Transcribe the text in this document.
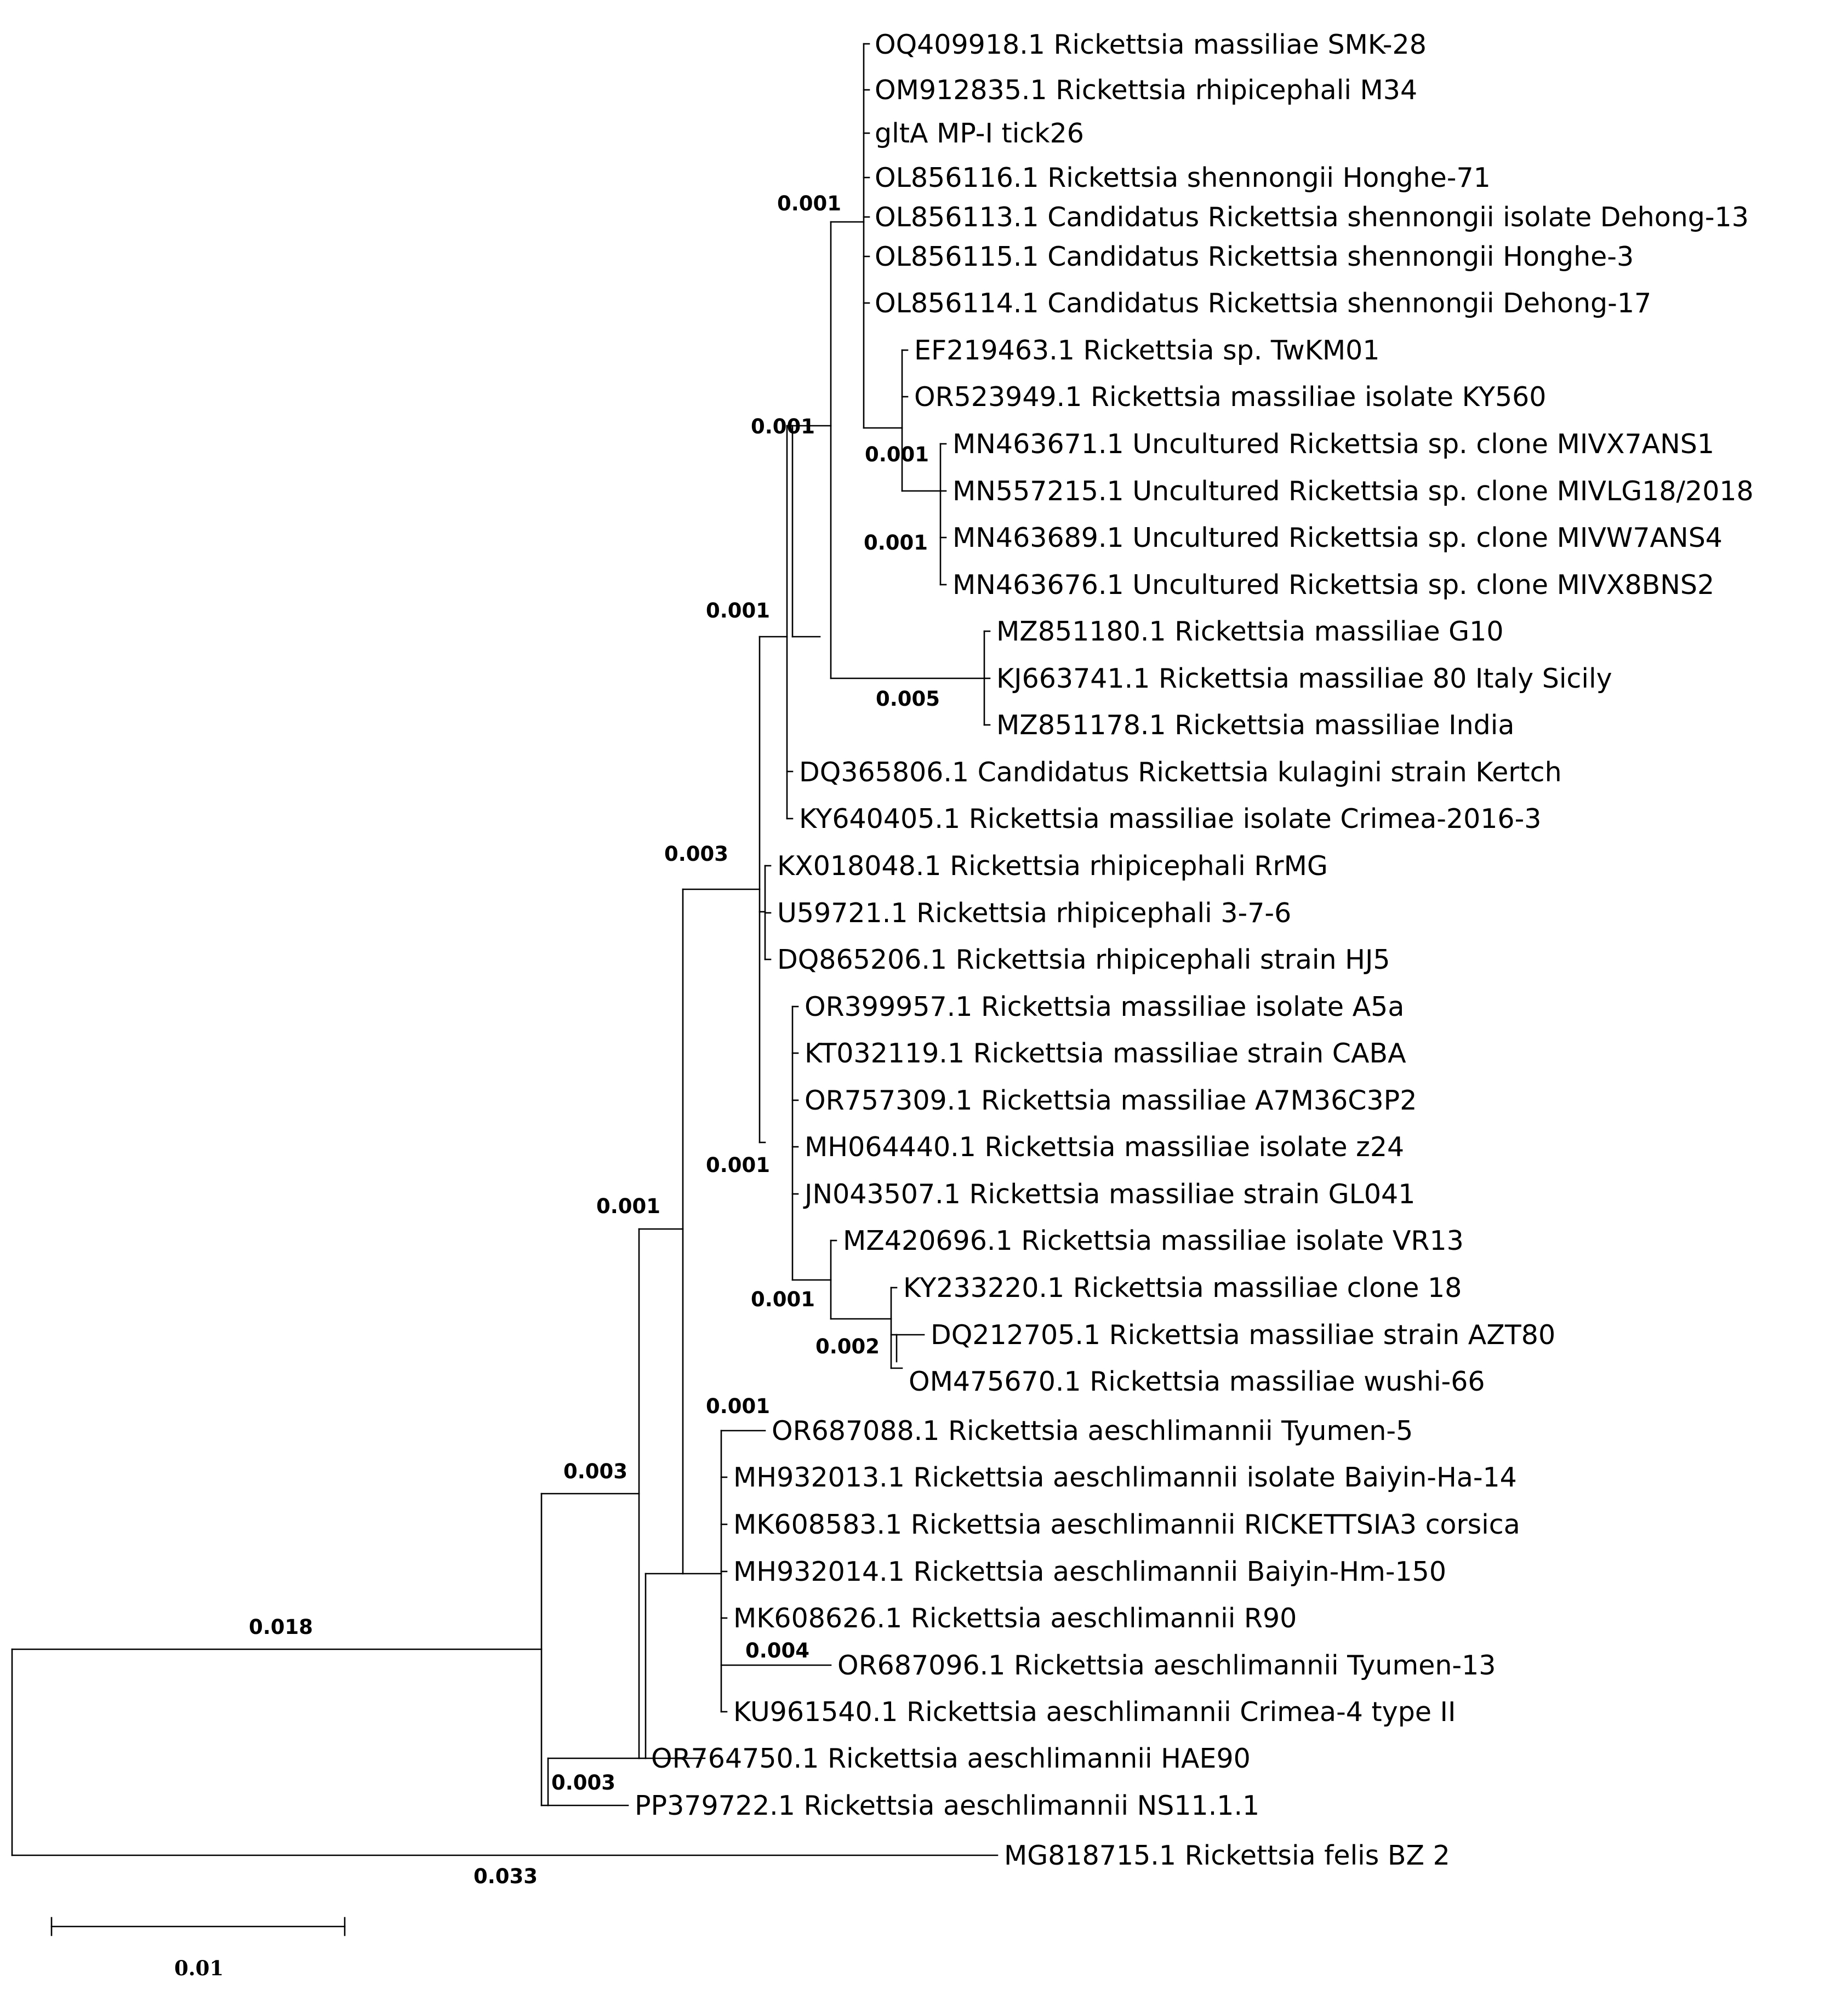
0.001
0.001
0.001
0.001
0.001
0.005
0.003
0.001
0.001
0.002
0.001
0.001
0.004
0.003
0.003
0.018
0.033
OQ409918.1 Rickettsia massiliae SMK-28
OM912835.1 Rickettsia rhipicephali M34
gltA MP-I tick26
OL856116.1 Rickettsia shennongii Honghe-71
OL856113.1 Candidatus Rickettsia shennongii isolate Dehong-13
OL856115.1 Candidatus Rickettsia shennongii Honghe-3
OL856114.1 Candidatus Rickettsia shennongii Dehong-17
EF219463.1 Rickettsia sp. TwKM01
OR523949.1 Rickettsia massiliae isolate KY560
MN463671.1 Uncultured Rickettsia sp. clone MIVX7ANS1
MN557215.1 Uncultured Rickettsia sp. clone MIVLG18/2018
MN463689.1 Uncultured Rickettsia sp. clone MIVW7ANS4
MN463676.1 Uncultured Rickettsia sp. clone MIVX8BNS2
MZ851180.1 Rickettsia massiliae G10
KJ663741.1 Rickettsia massiliae 80 Italy Sicily
MZ851178.1 Rickettsia massiliae India
DQ365806.1 Candidatus Rickettsia kulagini strain Kertch
KY640405.1 Rickettsia massiliae isolate Crimea-2016-3
KX018048.1 Rickettsia rhipicephali RrMG
U59721.1 Rickettsia rhipicephali 3-7-6
DQ865206.1 Rickettsia rhipicephali strain HJ5
OR399957.1 Rickettsia massiliae isolate A5a
KT032119.1 Rickettsia massiliae strain CABA
OR757309.1 Rickettsia massiliae A7M36C3P2
MH064440.1 Rickettsia massiliae isolate z24
JN043507.1 Rickettsia massiliae strain GL041
MZ420696.1 Rickettsia massiliae isolate VR13
KY233220.1 Rickettsia massiliae clone 18
DQ212705.1 Rickettsia massiliae strain AZT80
OM475670.1 Rickettsia massiliae wushi-66
OR687088.1 Rickettsia aeschlimannii Tyumen-5
MH932013.1 Rickettsia aeschlimannii isolate Baiyin-Ha-14
MK608583.1 Rickettsia aeschlimannii RICKETTSIA3 corsica
MH932014.1 Rickettsia aeschlimannii Baiyin-Hm-150
MK608626.1 Rickettsia aeschlimannii R90
OR687096.1 Rickettsia aeschlimannii Tyumen-13
KU961540.1 Rickettsia aeschlimannii Crimea-4 type II
OR764750.1 Rickettsia aeschlimannii HAE90
PP379722.1 Rickettsia aeschlimannii NS11.1.1
MG818715.1 Rickettsia felis BZ 2
0.01
